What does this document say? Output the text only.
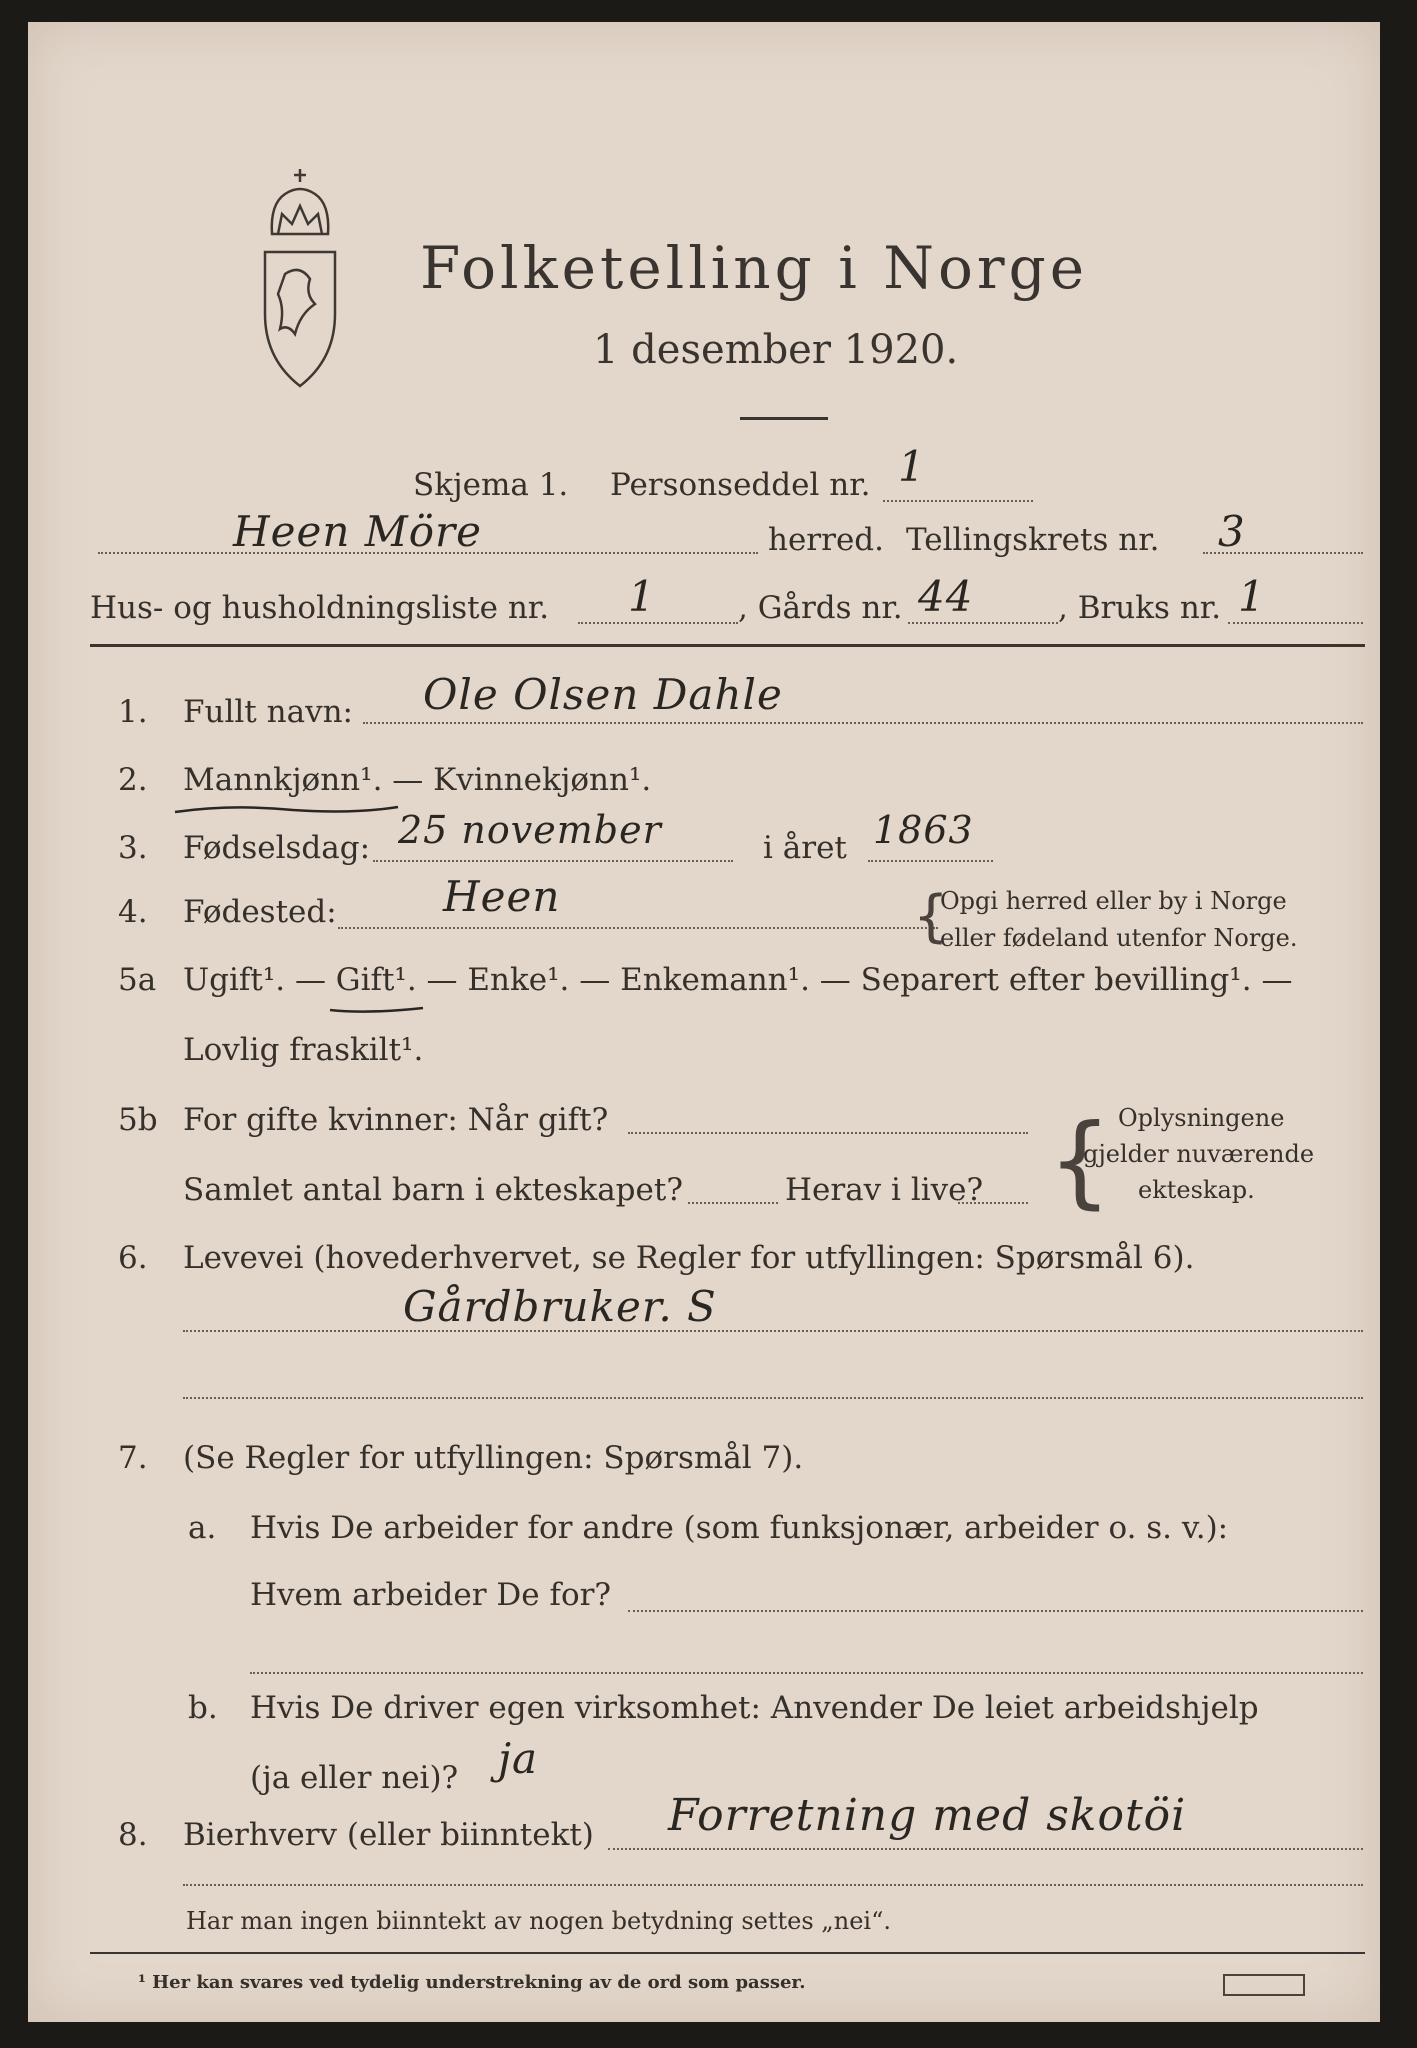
Folketelling i Norge
1 desember 1920.
Skjema 1. Personseddel nr. 1
Heen Möre	herred. Tellingskrets nr. 3
Hus- og husholdningsliste nr. 1	, Gårds nr. 44	, Bruks nr. 1
1. Fullt navn: Ole Olsen Dahle
2. Mannkjønn¹. — Kvinnekjønn¹.
3. Fødselsdag: 25 november	i året 1863
4. Fødested:	Heen	{
Opgi herred eller by i Norge
eller fødeland utenfor Norge.
5a Ugift¹. — Gift¹. — Enke¹. — Enkemann¹. — Separert efter bevilling¹. —
Lovlig fraskilt¹.
5b For gifte kvinner: Når gift?
Samlet antal barn i ekteskapet?	Herav i live? { Oplysningene
gjelder nuværende
ekteskap.
6. Levevei (hovederhvervet, se Regler for utfyllingen: Spørsmål 6).
Gårdbruker. S
7. (Se Regler for utfyllingen: Spørsmål 7).
a. Hvis De arbeider for andre (som funksjonær, arbeider o. s. v.):
Hvem arbeider De for?
b. Hvis De driver egen virksomhet: Anvender De leiet arbeidshjelp
(ja eller nei)? ja
8. Bierhverv (eller biinntekt) Forretning med skotöi
Har man ingen biinntekt av nogen betydning settes „nei“.
¹ Her kan svares ved tydelig understrekning av de ord som passer.
